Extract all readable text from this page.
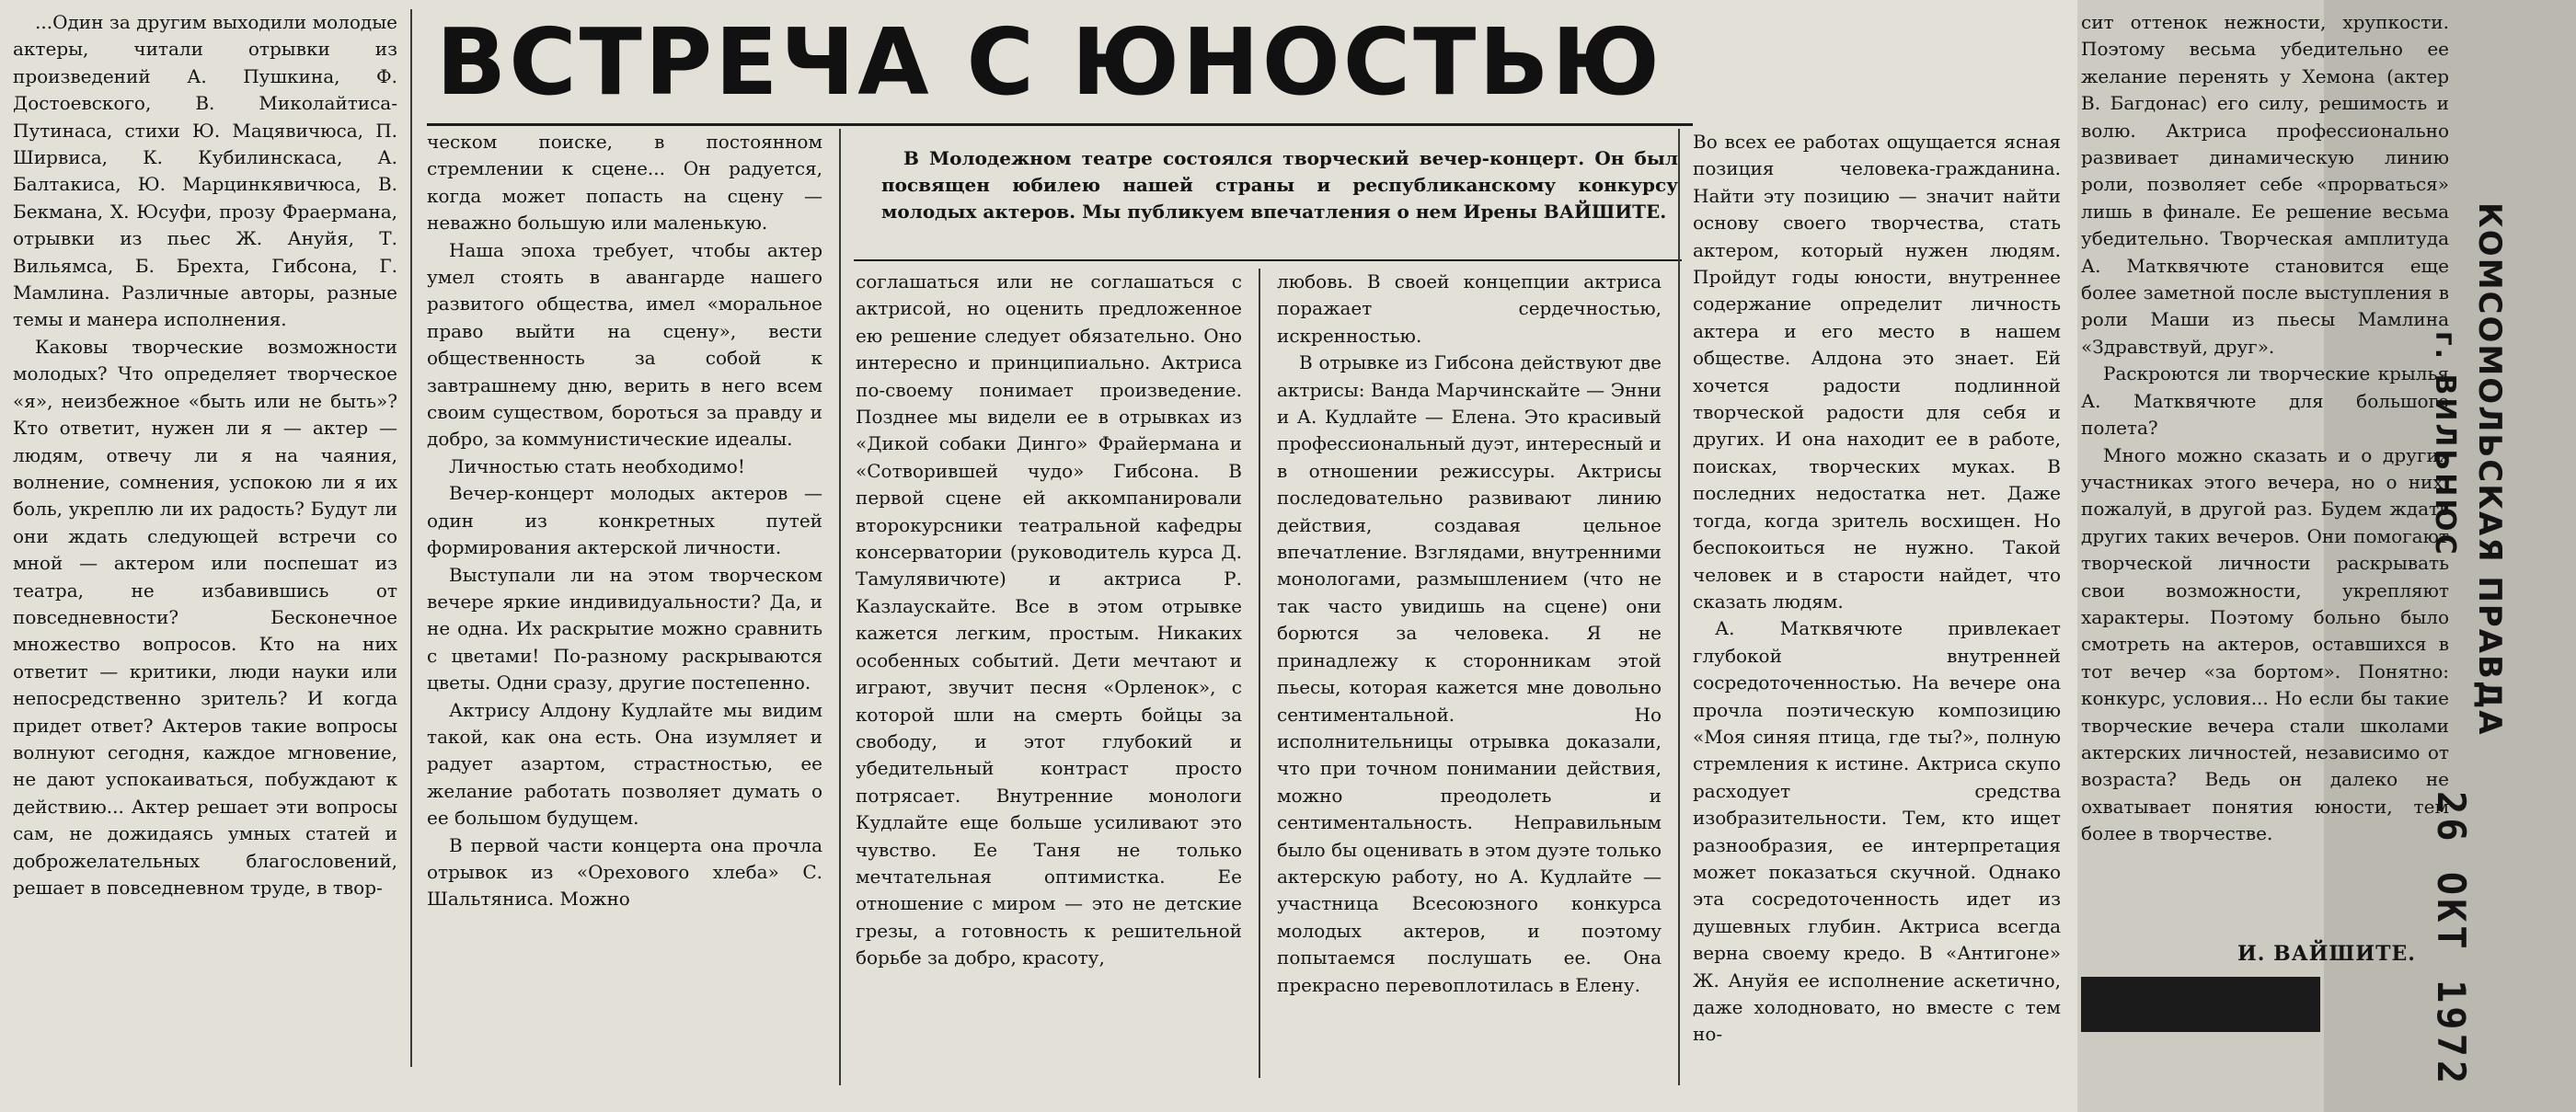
...Один за другим выходили молодые актеры, читали отрывки из произведений А. Пушкина, Ф. Достоевского, В. Миколайтиса-Путинаса, стихи Ю. Мацявичюса, П. Ширвиса, К. Кубилинскаса, А. Балтакиса, Ю. Марцинкявичюса, В. Бекмана, Х. Юсуфи, прозу Фраермана, отрывки из пьес Ж. Ануйя, Т. Вильямса, Б. Брехта, Гибсона, Г. Мамлина. Различные авторы, разные темы и манера исполнения.

Каковы творческие возможности молодых? Что определяет творческое «я», неизбежное «быть или не быть»? Кто ответит, нужен ли я — актер — людям, отвечу ли я на чаяния, волнение, сомнения, успокою ли я их боль, укреплю ли их радость? Будут ли они ждать следующей встречи со мной — актером или поспешат из театра, не избавившись от повседневности? Бесконечное множество вопросов. Кто на них ответит — критики, люди науки или непосредственно зритель? И когда придет ответ? Актеров такие вопросы волнуют сегодня, каждое мгновение, не дают успокаиваться, побуждают к действию... Актер решает эти вопросы сам, не дожидаясь умных статей и доброжелательных благословений, решает в повседневном труде, в твор-

ВСТРЕЧА С ЮНОСТЬЮ

ческом поиске, в постоянном стремлении к сцене... Он радуется, когда может попасть на сцену — неважно большую или маленькую.

Наша эпоха требует, чтобы актер умел стоять в авангарде нашего развитого общества, имел «моральное право выйти на сцену», вести общественность за собой к завтрашнему дню, верить в него всем своим существом, бороться за правду и добро, за коммунистические идеалы.

Личностью стать необходимо!

Вечер-концерт молодых актеров — один из конкретных путей формирования актерской личности.

Выступали ли на этом творческом вечере яркие индивидуальности? Да, и не одна. Их раскрытие можно сравнить с цветами! По-разному раскрываются цветы. Одни сразу, другие постепенно.

Актрису Алдону Кудлайте мы видим такой, как она есть. Она изумляет и радует азартом, страстностью, ее желание работать позволяет думать о ее большом будущем.

В первой части концерта она прочла отрывок из «Орехового хлеба» С. Шальтяниса. Можно

В Молодежном театре состоялся творческий вечер-концерт. Он был посвящен юбилею нашей страны и республиканскому конкурсу молодых актеров. Мы публикуем впечатления о нем Ирены ВАЙШИТЕ.

соглашаться или не соглашаться с актрисой, но оценить предложенное ею решение следует обязательно. Оно интересно и принципиально. Актриса по-своему понимает произведение. Позднее мы видели ее в отрывках из «Дикой собаки Динго» Фрайермана и «Сотворившей чудо» Гибсона. В первой сцене ей аккомпанировали второкурсники театральной кафедры консерватории (руководитель курса Д. Тамулявичюте) и актриса Р. Казлаускайте. Все в этом отрывке кажется легким, простым. Никаких особенных событий. Дети мечтают и играют, звучит песня «Орленок», с которой шли на смерть бойцы за свободу, и этот глубокий и убедительный контраст просто потрясает. Внутренние монологи Кудлайте еще больше усиливают это чувство. Ее Таня не только мечтательная оптимистка. Ее отношение с миром — это не детские грезы, а готовность к решительной борьбе за добро, красоту,

любовь. В своей концепции актриса поражает сердечностью, искренностью.

В отрывке из Гибсона действуют две актрисы: Ванда Марчинскайте — Энни и А. Кудлайте — Елена. Это красивый профессиональный дуэт, интересный и в отношении режиссуры. Актрисы последовательно развивают линию действия, создавая цельное впечатление. Взглядами, внутренними монологами, размышлением (что не так часто увидишь на сцене) они борются за человека. Я не принадлежу к сторонникам этой пьесы, которая кажется мне довольно сентиментальной. Но исполнительницы отрывка доказали, что при точном понимании действия, можно преодолеть и сентиментальность. Неправильным было бы оценивать в этом дуэте только актерскую работу, но А. Кудлайте — участница Всесоюзного конкурса молодых актеров, и поэтому попытаемся послушать ее. Она прекрасно перевоплотилась в Елену.

Во всех ее работах ощущается ясная позиция человека-гражданина. Найти эту позицию — значит найти основу своего творчества, стать актером, который нужен людям. Пройдут годы юности, внутреннее содержание определит личность актера и его место в нашем обществе. Алдона это знает. Ей хочется радости подлинной творческой радости для себя и других. И она находит ее в работе, поисках, творческих муках. В последних недостатка нет. Даже тогда, когда зритель восхищен. Но беспокоиться не нужно. Такой человек и в старости найдет, что сказать людям.

А. Матквячюте привлекает глубокой внутренней сосредоточенностью. На вечере она прочла поэтическую композицию «Моя синяя птица, где ты?», полную стремления к истине. Актриса скупо расходует средства изобразительности. Тем, кто ищет разнообразия, ее интерпретация может показаться скучной. Однако эта сосредоточенность идет из душевных глубин. Актриса всегда верна своему кредо. В «Антигоне» Ж. Ануйя ее исполнение аскетично, даже холодновато, но вместе с тем но-

сит оттенок нежности, хрупкости. Поэтому весьма убедительно ее желание перенять у Хемона (актер В. Багдонас) его силу, решимость и волю. Актриса профессионально развивает динамическую линию роли, позволяет себе «прорваться» лишь в финале. Ее решение весьма убедительно. Творческая амплитуда А. Матквячюте становится еще более заметной после выступления в роли Маши из пьесы Мамлина «Здравствуй, друг».

Раскроются ли творческие крылья А. Матквячюте для большого полета?

Много можно сказать и о других участниках этого вечера, но о них, пожалуй, в другой раз. Будем ждать других таких вечеров. Они помогают творческой личности раскрывать свои возможности, укрепляют характеры. Поэтому больно было смотреть на актеров, оставшихся в тот вечер «за бортом». Понятно: конкурс, условия... Но если бы такие творческие вечера стали школами актерских личностей, независимо от возраста? Ведь он далеко не охватывает понятия юности, тем более в творчестве.

И. ВАЙШИТЕ.
КОМСОМОЛЬСКАЯ ПРАВДА
г. ВИЛЬНЮС
26 ОКТ 1972
